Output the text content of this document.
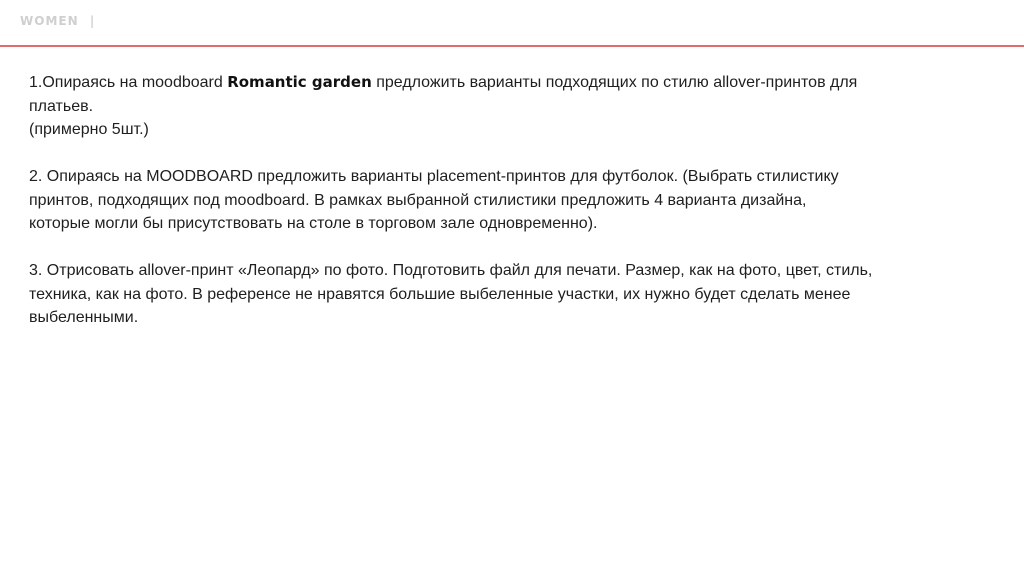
WOMEN |
1.Опираясь на moodboard Romantic garden предложить варианты подходящих по стилю allover-принтов для
платьев.
(примерно 5шт.)
2. Опираясь на MOODBOARD предложить варианты placement-принтов для футболок. (Выбрать стилистику
принтов, подходящих под moodboard. В рамках выбранной стилистики предложить 4 варианта дизайна,
которые могли бы присутствовать на столе в торговом зале одновременно).
3. Отрисовать allover-принт «Леопард» по фото. Подготовить файл для печати. Размер, как на фото, цвет, стиль,
техника, как на фото. В референсе не нравятся большие выбеленные участки, их нужно будет сделать менее
выбеленными.
